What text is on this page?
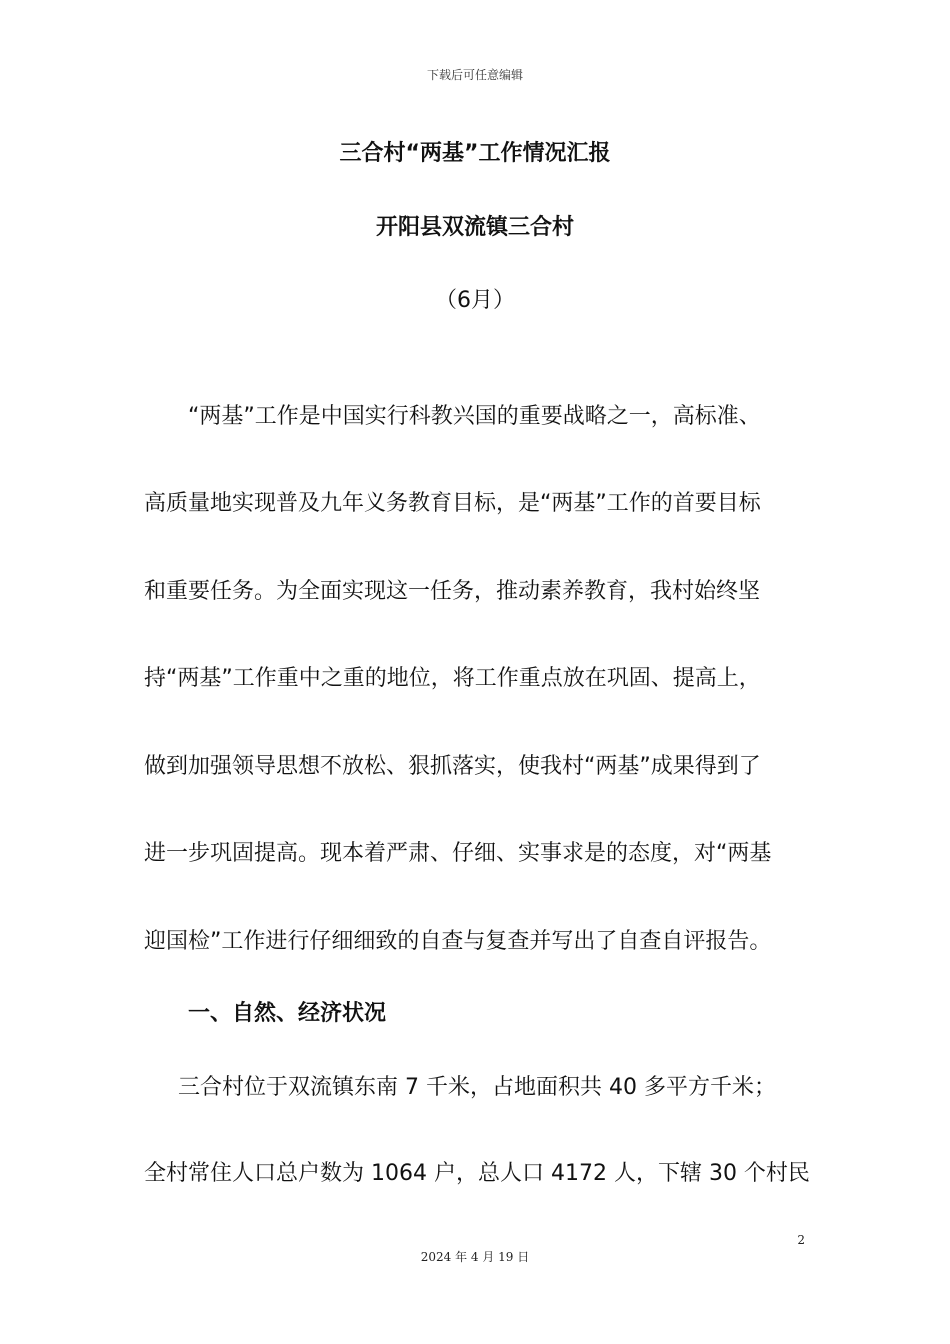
下载后可任意编辑
三合村“两基”工作情况汇报
开阳县双流镇三合村
（6月）
“两基”工作是中国实行科教兴国的重要战略之一，高标准、
高质量地实现普及九年义务教育目标，是“两基”工作的首要目标
和重要任务。为全面实现这一任务，推动素养教育，我村始终坚
持“两基”工作重中之重的地位，将工作重点放在巩固、提高上，
做到加强领导思想不放松、狠抓落实，使我村“两基”成果得到了
进一步巩固提高。现本着严肃、仔细、实事求是的态度，对“两基
迎国检”工作进行仔细细致的自查与复查并写出了自查自评报告。
一、自然、经济状况
三合村位于双流镇东南 7 千米，占地面积共 40 多平方千米；
全村常住人口总户数为 1064 户，总人口 4172 人，下辖 30 个村民
2
2024 年 4 月 19 日
